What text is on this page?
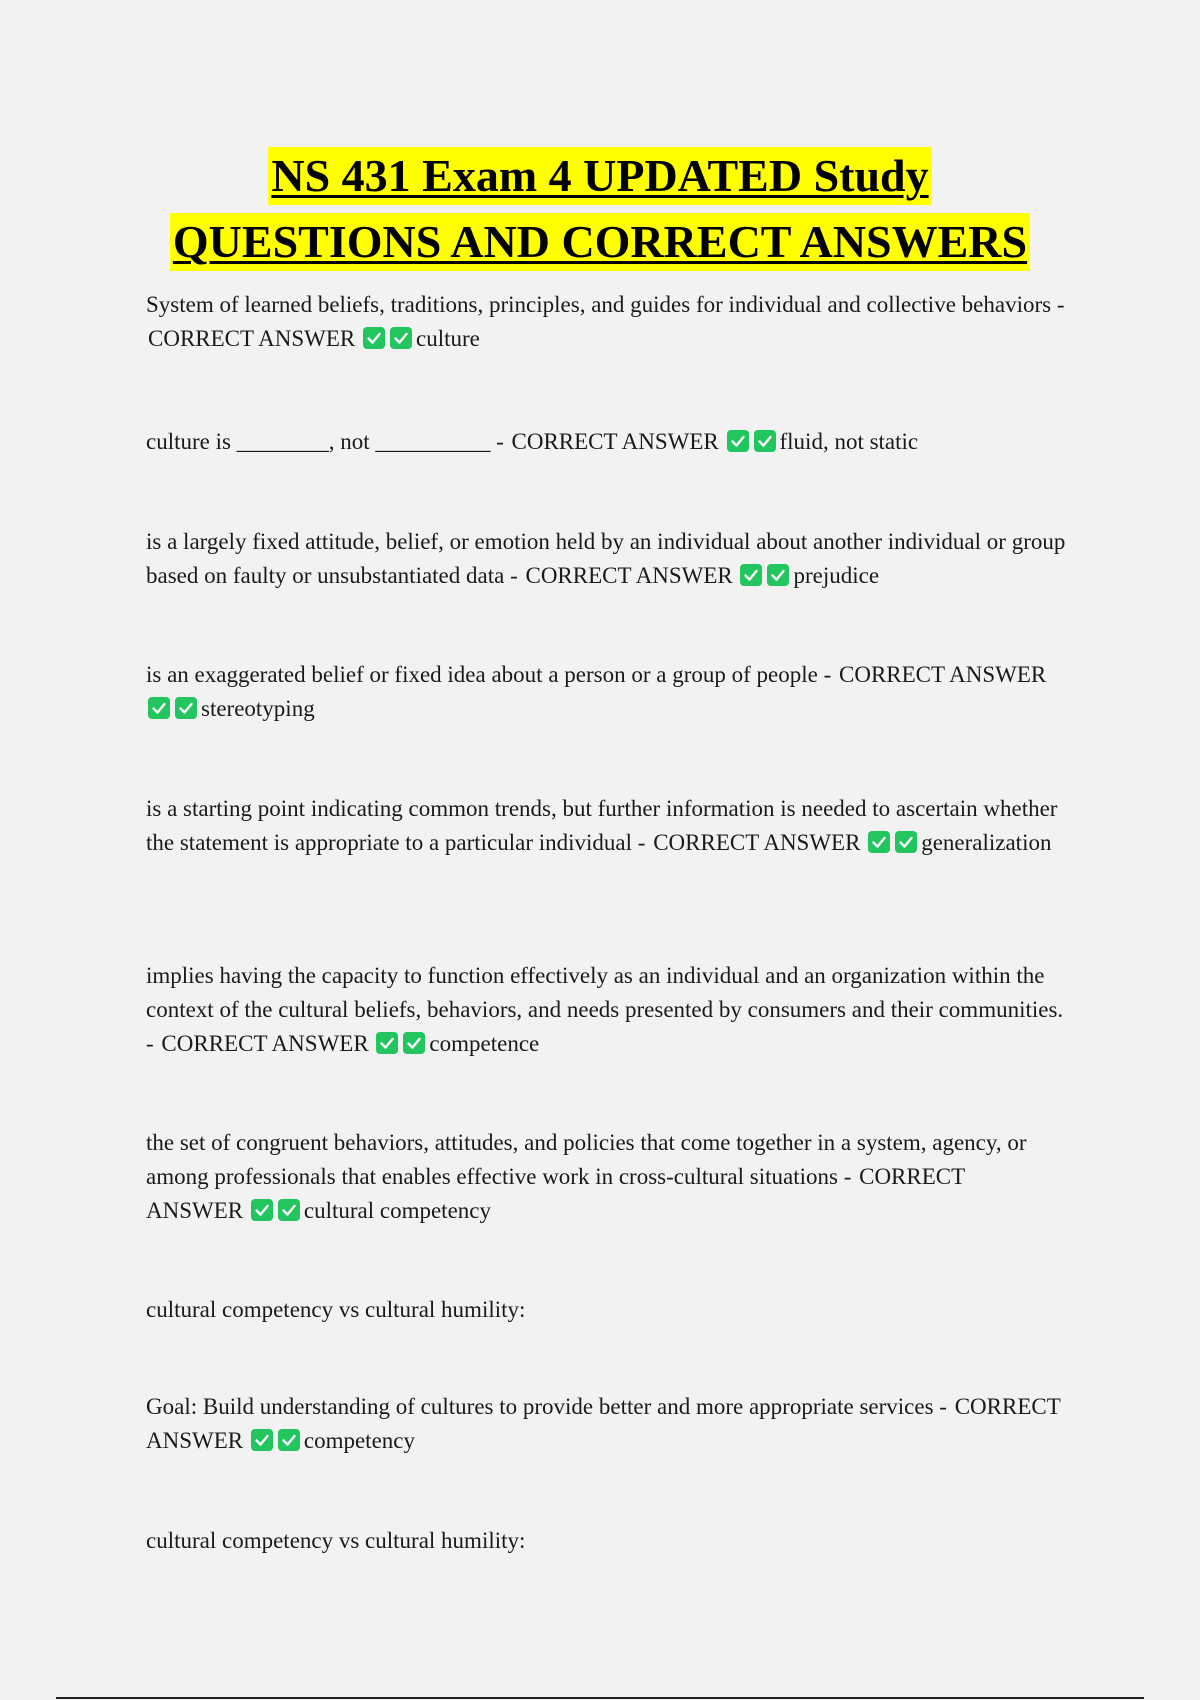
NS 431 Exam 4 UPDATED Study
QUESTIONS AND CORRECT ANSWERS
System of learned beliefs, traditions, principles, and guides for individual and collective behaviors - CORRECT ANSWER	culture
culture is ________, not __________ - CORRECT ANSWER	fluid, not static
is a largely fixed attitude, belief, or emotion held by an individual about another individual or group based on faulty or unsubstantiated data - CORRECT ANSWER	prejudice
is an exaggerated belief or fixed idea about a person or a group of people - CORRECT ANSWER
stereotyping
is a starting point indicating common trends, but further information is needed to ascertain whether the statement is appropriate to a particular individual - CORRECT ANSWER	generalization
implies having the capacity to function effectively as an individual and an organization within the context of the cultural beliefs, behaviors, and needs presented by consumers and their communities. - CORRECT ANSWER	competence
the set of congruent behaviors, attitudes, and policies that come together in a system, agency, or among professionals that enables effective work in cross-cultural situations - CORRECT ANSWER	cultural competency
cultural competency vs cultural humility:
Goal: Build understanding of cultures to provide better and more appropriate services - CORRECT ANSWER	competency
cultural competency vs cultural humility:
